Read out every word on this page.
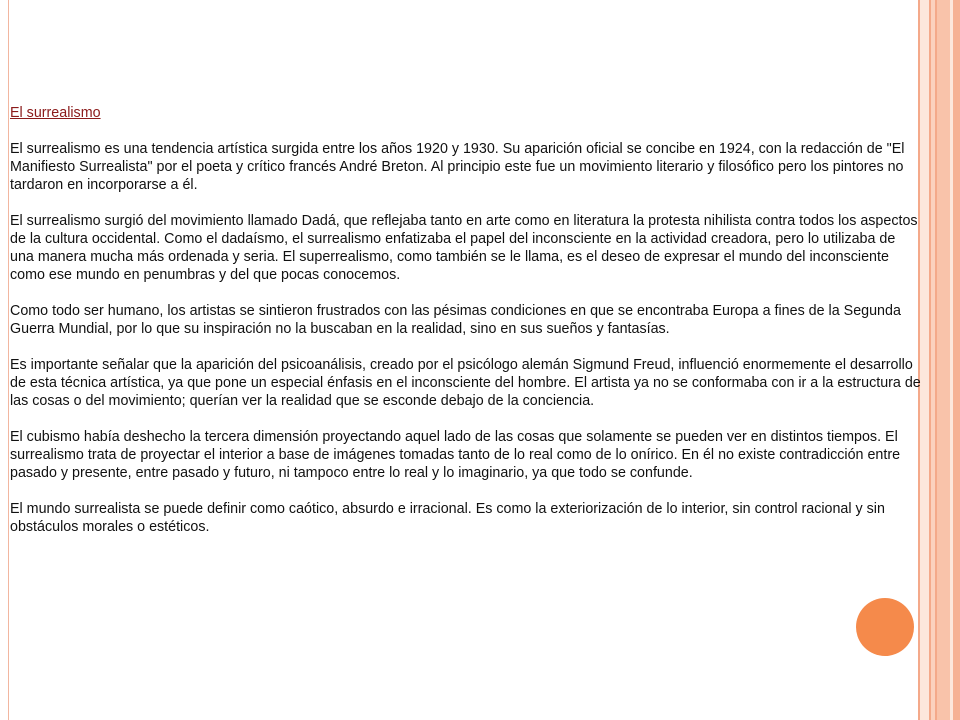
El surrealismo

El surrealismo es una tendencia artística surgida entre los años 1920 y 1930. Su aparición oficial se concibe en 1924, con la redacción de "El Manifiesto Surrealista" por el poeta y crítico francés André Breton. Al principio este fue un movimiento literario y filosófico pero los pintores no tardaron en incorporarse a él.

El surrealismo surgió del movimiento llamado Dadá, que reflejaba tanto en arte como en literatura la protesta nihilista contra todos los aspectos de la cultura occidental. Como el dadaísmo, el surrealismo enfatizaba el papel del inconsciente en la actividad creadora, pero lo utilizaba de una manera mucha más ordenada y seria. El superrealismo, como también se le llama, es el deseo de expresar el mundo del inconsciente como ese mundo en penumbras y del que pocas conocemos.

Como todo ser humano, los artistas se sintieron frustrados con las pésimas condiciones en que se encontraba Europa a fines de la Segunda Guerra Mundial, por lo que su inspiración no la buscaban en la realidad, sino en sus sueños y fantasías.

Es importante señalar que la aparición del psicoanálisis, creado por el psicólogo alemán Sigmund Freud, influenció enormemente el desarrollo de esta técnica artística, ya que pone un especial énfasis en el inconsciente del hombre. El artista ya no se conformaba con ir a la estructura de las cosas o del movimiento; querían ver la realidad que se esconde debajo de la conciencia.

El cubismo había deshecho la tercera dimensión proyectando aquel lado de las cosas que solamente se pueden ver en distintos tiempos. El surrealismo trata de proyectar el interior a base de imágenes tomadas tanto de lo real como de lo onírico. En él no existe contradicción entre pasado y presente, entre pasado y futuro, ni tampoco entre lo real y lo imaginario, ya que todo se confunde.

El mundo surrealista se puede definir como caótico, absurdo e irracional. Es como la exteriorización de lo interior, sin control racional y sin obstáculos morales o estéticos.
